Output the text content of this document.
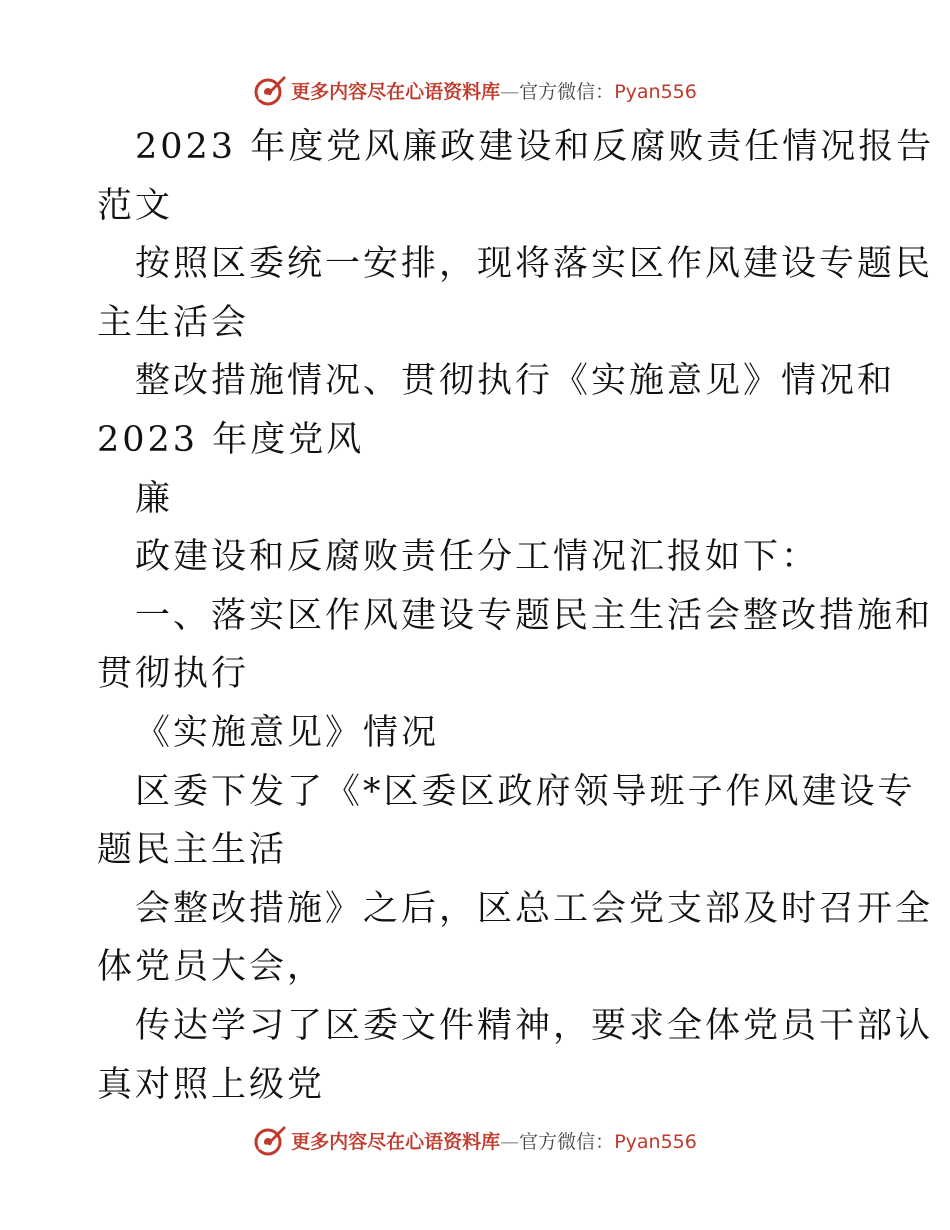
更多内容尽在心语资料库—官方微信：Pyan556
2023 年度党风廉政建设和反腐败责任情况报告
范文
按照区委统一安排，现将落实区作风建设专题民
主生活会
整改措施情况、贯彻执行《实施意见》情况和
2023 年度党风
廉
政建设和反腐败责任分工情况汇报如下：
一、落实区作风建设专题民主生活会整改措施和
贯彻执行
《实施意见》情况
区委下发了《*区委区政府领导班子作风建设专
题民主生活
会整改措施》之后，区总工会党支部及时召开全
体党员大会，
传达学习了区委文件精神，要求全体党员干部认
真对照上级党
更多内容尽在心语资料库—官方微信：Pyan556
